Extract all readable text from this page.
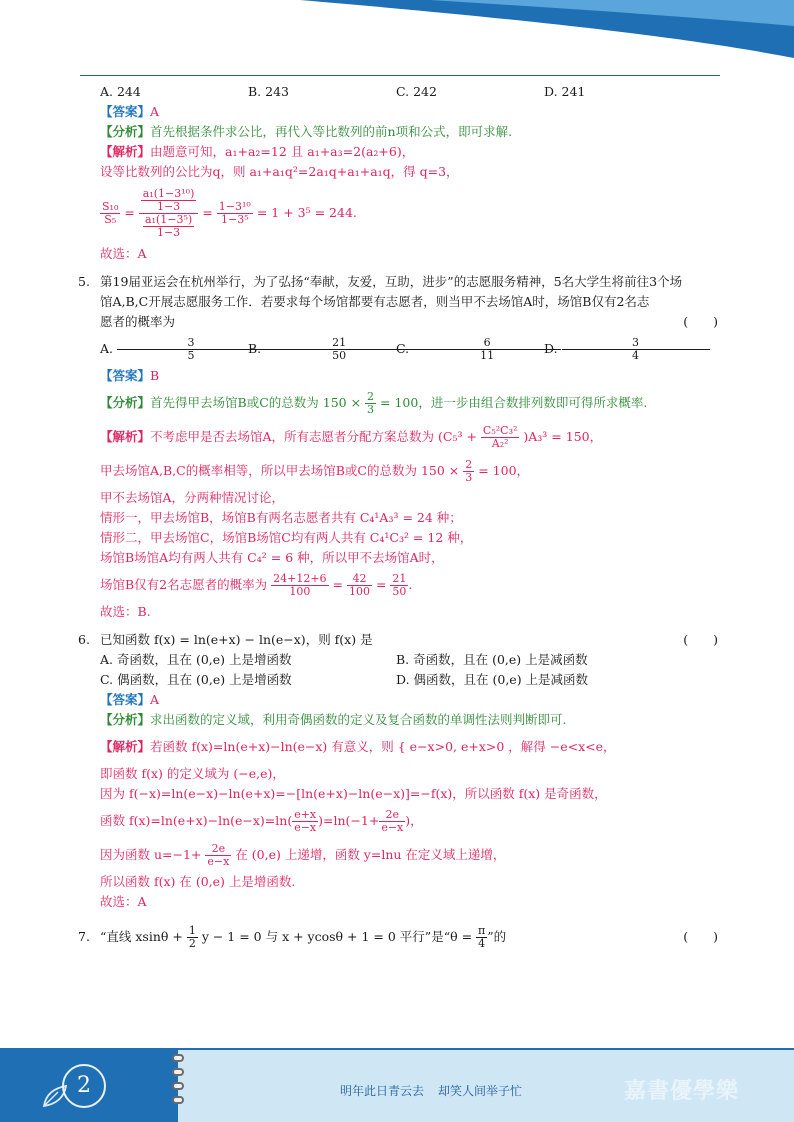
A. 244	B. 243	C. 242	D. 241
【答案】A
【分析】首先根据条件求公比，再代入等比数列的前n项和公式，即可求解.
【解析】由题意可知，a₁+a₂=12 且 a₁+a₃=2(a₂+6)，
设等比数列的公比为q，则 a₁+a₁q²=2a₁q+a₁+a₁q，得 q=3，
$\frac{\text{S₁₀}}{\text{S₅}} = \frac{\frac{\text{a₁(1−3¹⁰)}}{1-3}}{\frac{\text{a₁(1−3⁵)}}{1-3}} = \frac{\text{1−3¹⁰}}{\text{1−3⁵}} = 1 + 3^5 = 244$.
故选：A
5. 第19届亚运会在杭州举行，为了弘扬“奉献，友爱，互助，进步”的志愿服务精神，5名大学生将前往3个场
馆A,B,C开展志愿服务工作．若要求每个场馆都要有志愿者，则当甲不去场馆A时，场馆B仅有2名志
愿者的概率为	(　　)
A. $\frac{3}{5}$
B. $\frac{21}{50}$
C. $\frac{6}{11}$
D. $\frac{3}{4}$
【答案】B
【分析】首先得甲去场馆B或C的总数为 $150 \times \frac{2}{3} = 100$，进一步由组合数排列数即可得所求概率.
【解析】不考虑甲是否去场馆A，所有志愿者分配方案总数为 $(C_5^3 + \frac{\text{C₅²C₃²}}{\text{A₂²}} )A_3^3 = 150$，
甲去场馆A,B,C的概率相等，所以甲去场馆B或C的总数为 $150 \times \frac{2}{3} = 100$，
甲不去场馆A，分两种情况讨论，
情形一，甲去场馆B，场馆B有两名志愿者共有 C₄¹A₃³ = 24 种；
情形二，甲去场馆C，场馆B场馆C均有两人共有 C₄¹C₃² = 12 种，
场馆B场馆A均有两人共有 C₄² = 6 种，所以甲不去场馆A时，
场馆B仅有2名志愿者的概率为 $\frac{24+12+6}{100} = \frac{42}{100} = \frac{21}{50}$ .
故选：B.
6. 已知函数 f(x) = ln(e+x) − ln(e−x)，则 f(x) 是	(　　)
A. 奇函数，且在 (0,e) 上是增函数	B. 奇函数，且在 (0,e) 上是减函数
C. 偶函数，且在 (0,e) 上是增函数	D. 偶函数，且在 (0,e) 上是减函数
【答案】A
【分析】求出函数的定义域，利用奇偶函数的定义及复合函数的单调性法则判断即可.
【解析】若函数 f(x)=ln(e+x)−ln(e−x) 有意义，则 { e−x>0, e+x>0 ，解得 −e<x<e，
即函数 f(x) 的定义域为 (−e,e)，
因为 f(−x)=ln(e−x)−ln(e+x)=−[ln(e+x)−ln(e−x)]=−f(x)，所以函数 f(x) 是奇函数，
函数 $f(x)=\ln(e+x)-\ln(e-x)=\ln( \frac{e+x}{e-x} )=\ln(-1+ \frac{2e}{e-x}$ )，
因为函数 $u=-1+ \frac{2e}{e-x}$ 在 (0,e) 上递增，函数 y=lnu 在定义域上递增，
所以函数 f(x) 在 (0,e) 上是增函数.
故选：A
7. “直线 $xsin\theta + \frac{1}{2}$ y − 1 = 0 与 x + ycosθ + 1 = 0 平行”是“$\theta = \frac{\pi}{4}$ ”的	(　　)
2	明年此日青云去 却笑人间举子忙	嘉書優學樂
